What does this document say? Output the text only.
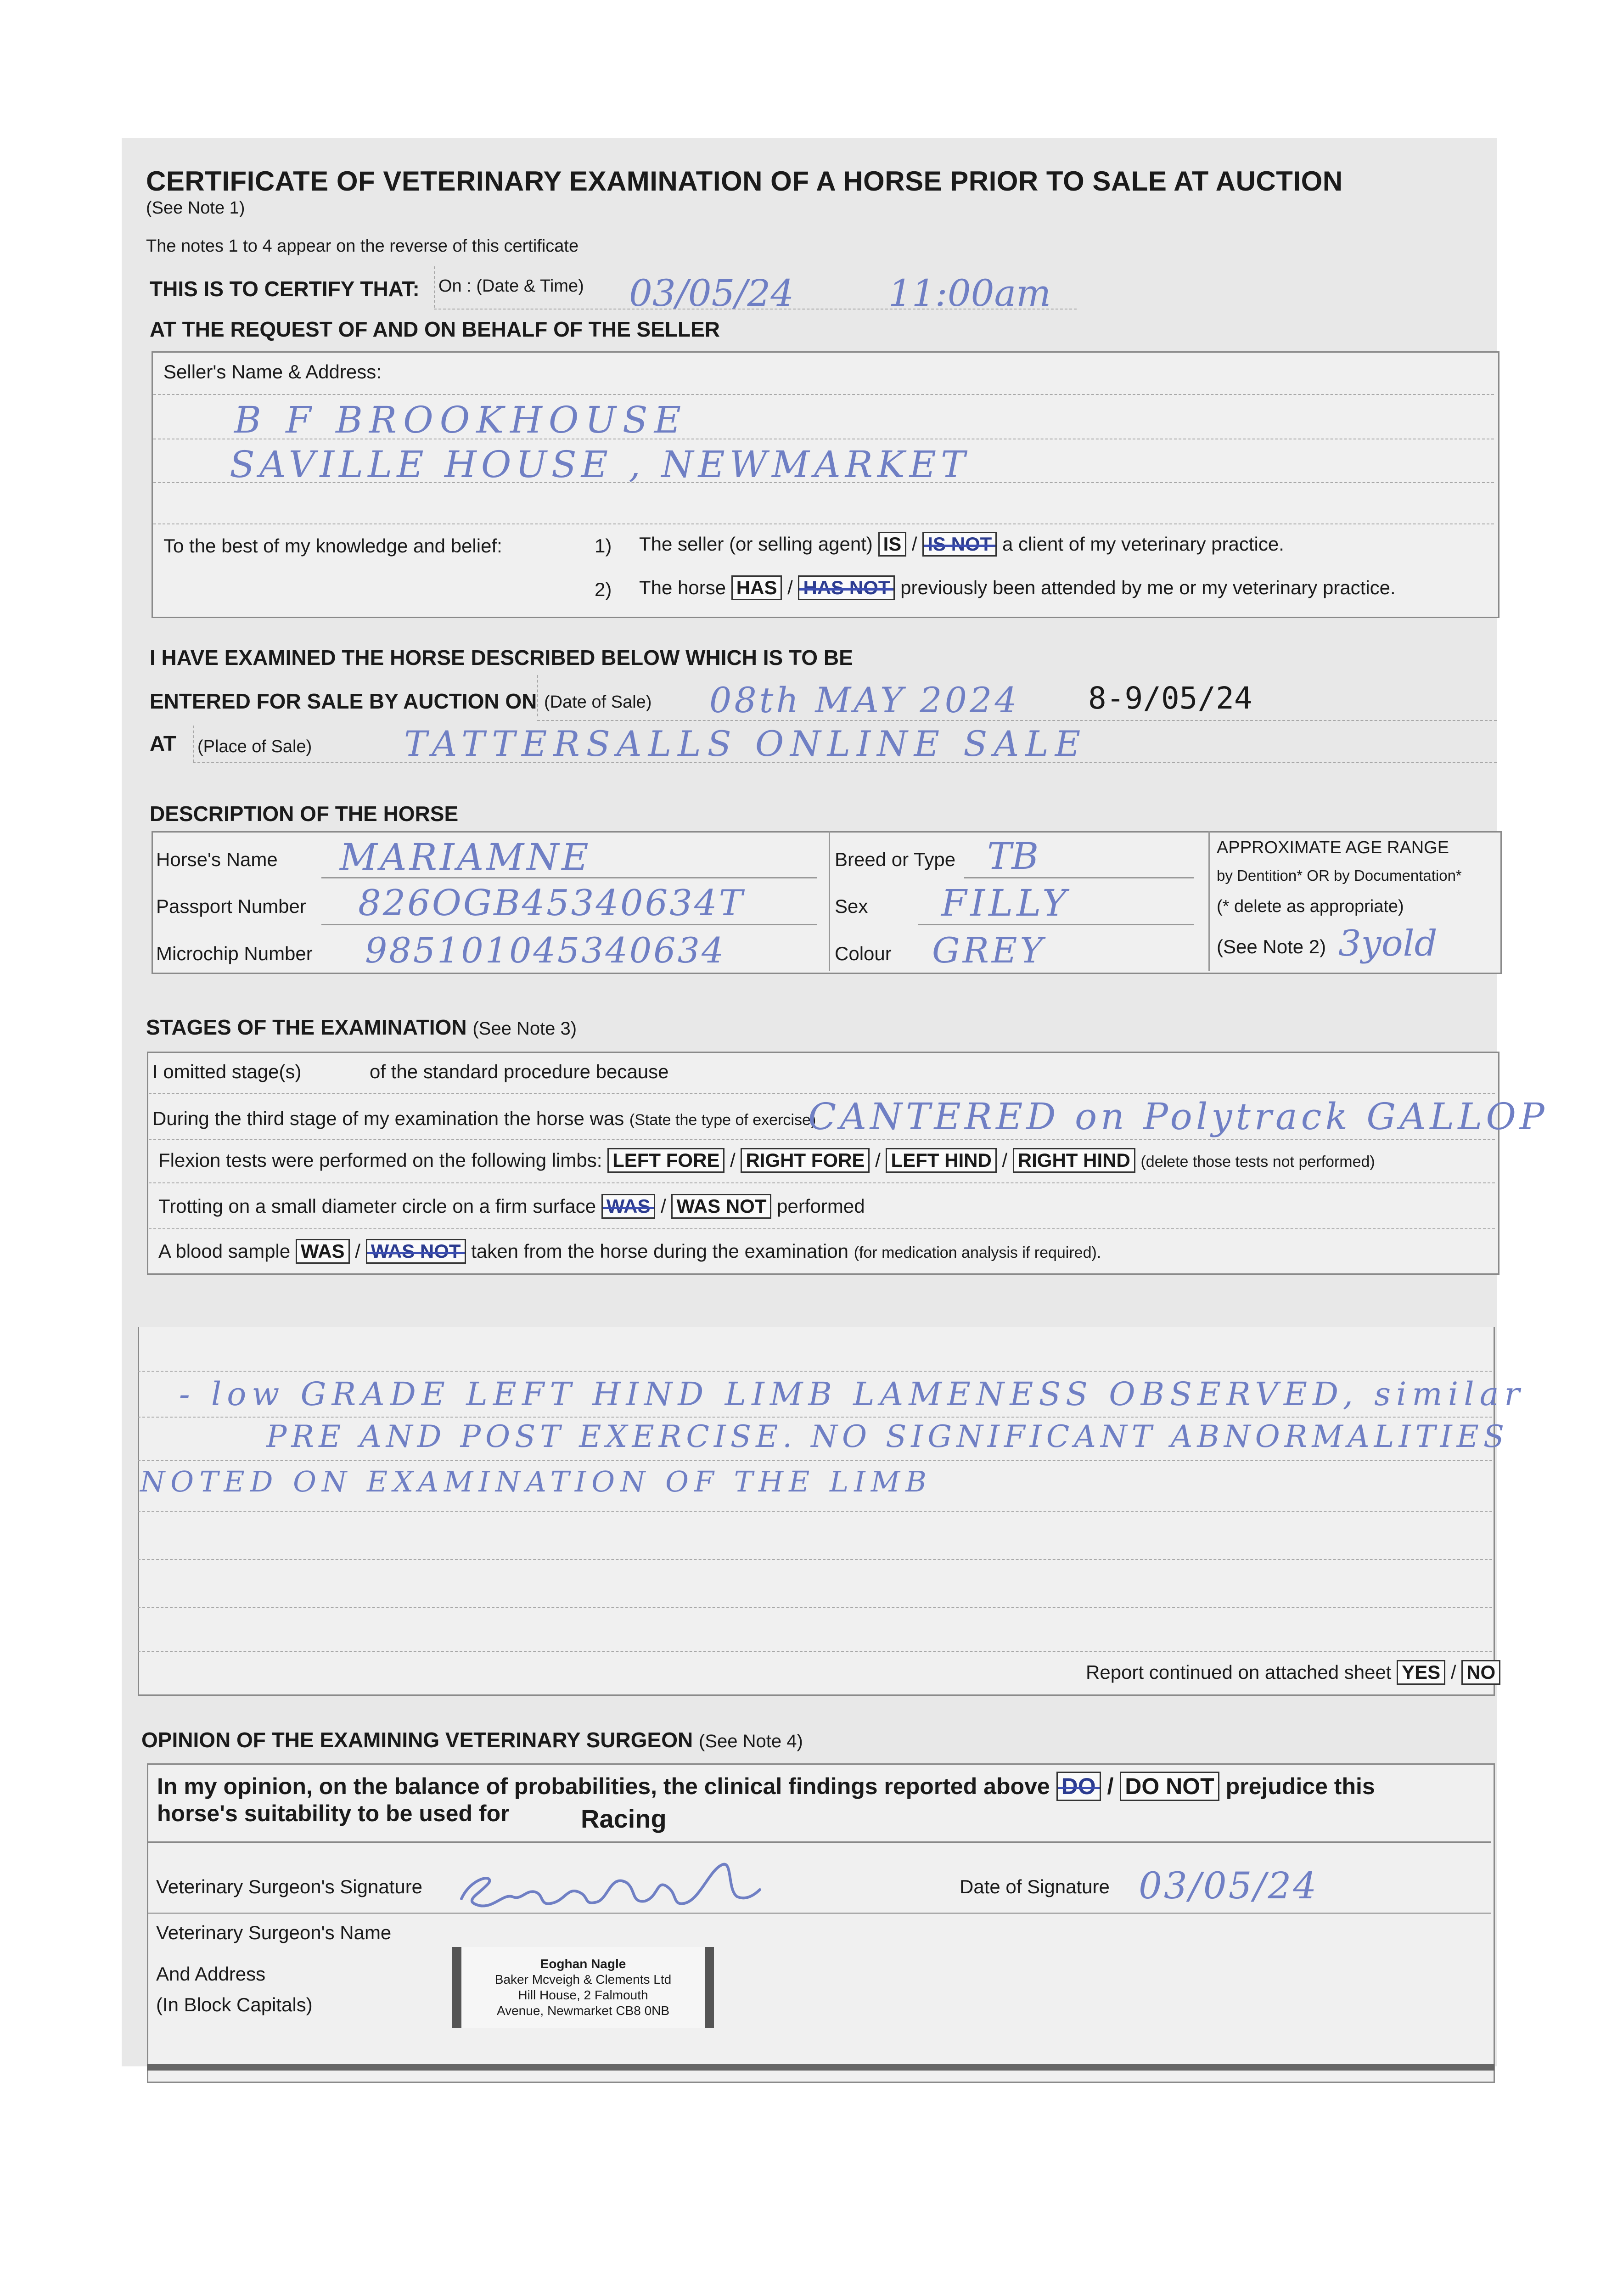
CERTIFICATE OF VETERINARY EXAMINATION OF A HORSE PRIOR TO SALE AT AUCTION
(See Note 1)
The notes 1 to 4 appear on the reverse of this certificate
THIS IS TO CERTIFY THAT: On : (Date & Time) 03/05/24	11:00am
AT THE REQUEST OF AND ON BEHALF OF THE SELLER
Seller's Name & Address:
B F BROOKHOUSE
SAVILLE HOUSE , NEWMARKET
To the best of my knowledge and belief:	1) The seller (or selling agent) IS / IS NOT a client of my veterinary practice.
2) The horse HAS / HAS NOT previously been attended by me or my veterinary practice.
I HAVE EXAMINED THE HORSE DESCRIBED BELOW WHICH IS TO BE
ENTERED FOR SALE BY AUCTION ON (Date of Sale) 08th MAY 2024 8-9/05/24
AT (Place of Sale)	TATTERSALLS ONLINE SALE
DESCRIPTION OF THE HORSE
Horse's Name MARIAMNE
Passport Number 826OGB45340634T
Microchip Number 985101045340634
Breed or Type TB
Sex FILLY
Colour GREY
APPROXIMATE AGE RANGE
by Dentition* OR by Documentation*
(* delete as appropriate)
(See Note 2) 3yold
STAGES OF THE EXAMINATION (See Note 3)
I omitted stage(s)	of the standard procedure because
During the third stage of my examination the horse was (State the type of exercise)
CANTERED on Polytrack GALLOP
Flexion tests were performed on the following limbs: LEFT FORE / RIGHT FORE / LEFT HIND / RIGHT HIND (delete those tests not performed)
Trotting on a small diameter circle on a firm surface WAS / WAS NOT performed
A blood sample WAS / WAS NOT taken from the horse during the examination (for medication analysis if required).
- low GRADE LEFT HIND LIMB LAMENESS OBSERVED, similar
PRE AND POST EXERCISE. NO SIGNIFICANT ABNORMALITIES
NOTED ON EXAMINATION OF THE LIMB
Report continued on attached sheet YES / NO
OPINION OF THE EXAMINING VETERINARY SURGEON (See Note 4)
In my opinion, on the balance of probabilities, the clinical findings reported above DO / DO NOT prejudice this
horse's suitability to be used for	Racing
Veterinary Surgeon's Signature	Date of Signature 03/05/24
Veterinary Surgeon's Name
And Address
(In Block Capitals)
Eoghan Nagle
Baker Mcveigh & Clements Ltd
Hill House, 2 Falmouth
Avenue, Newmarket CB8 0NB
